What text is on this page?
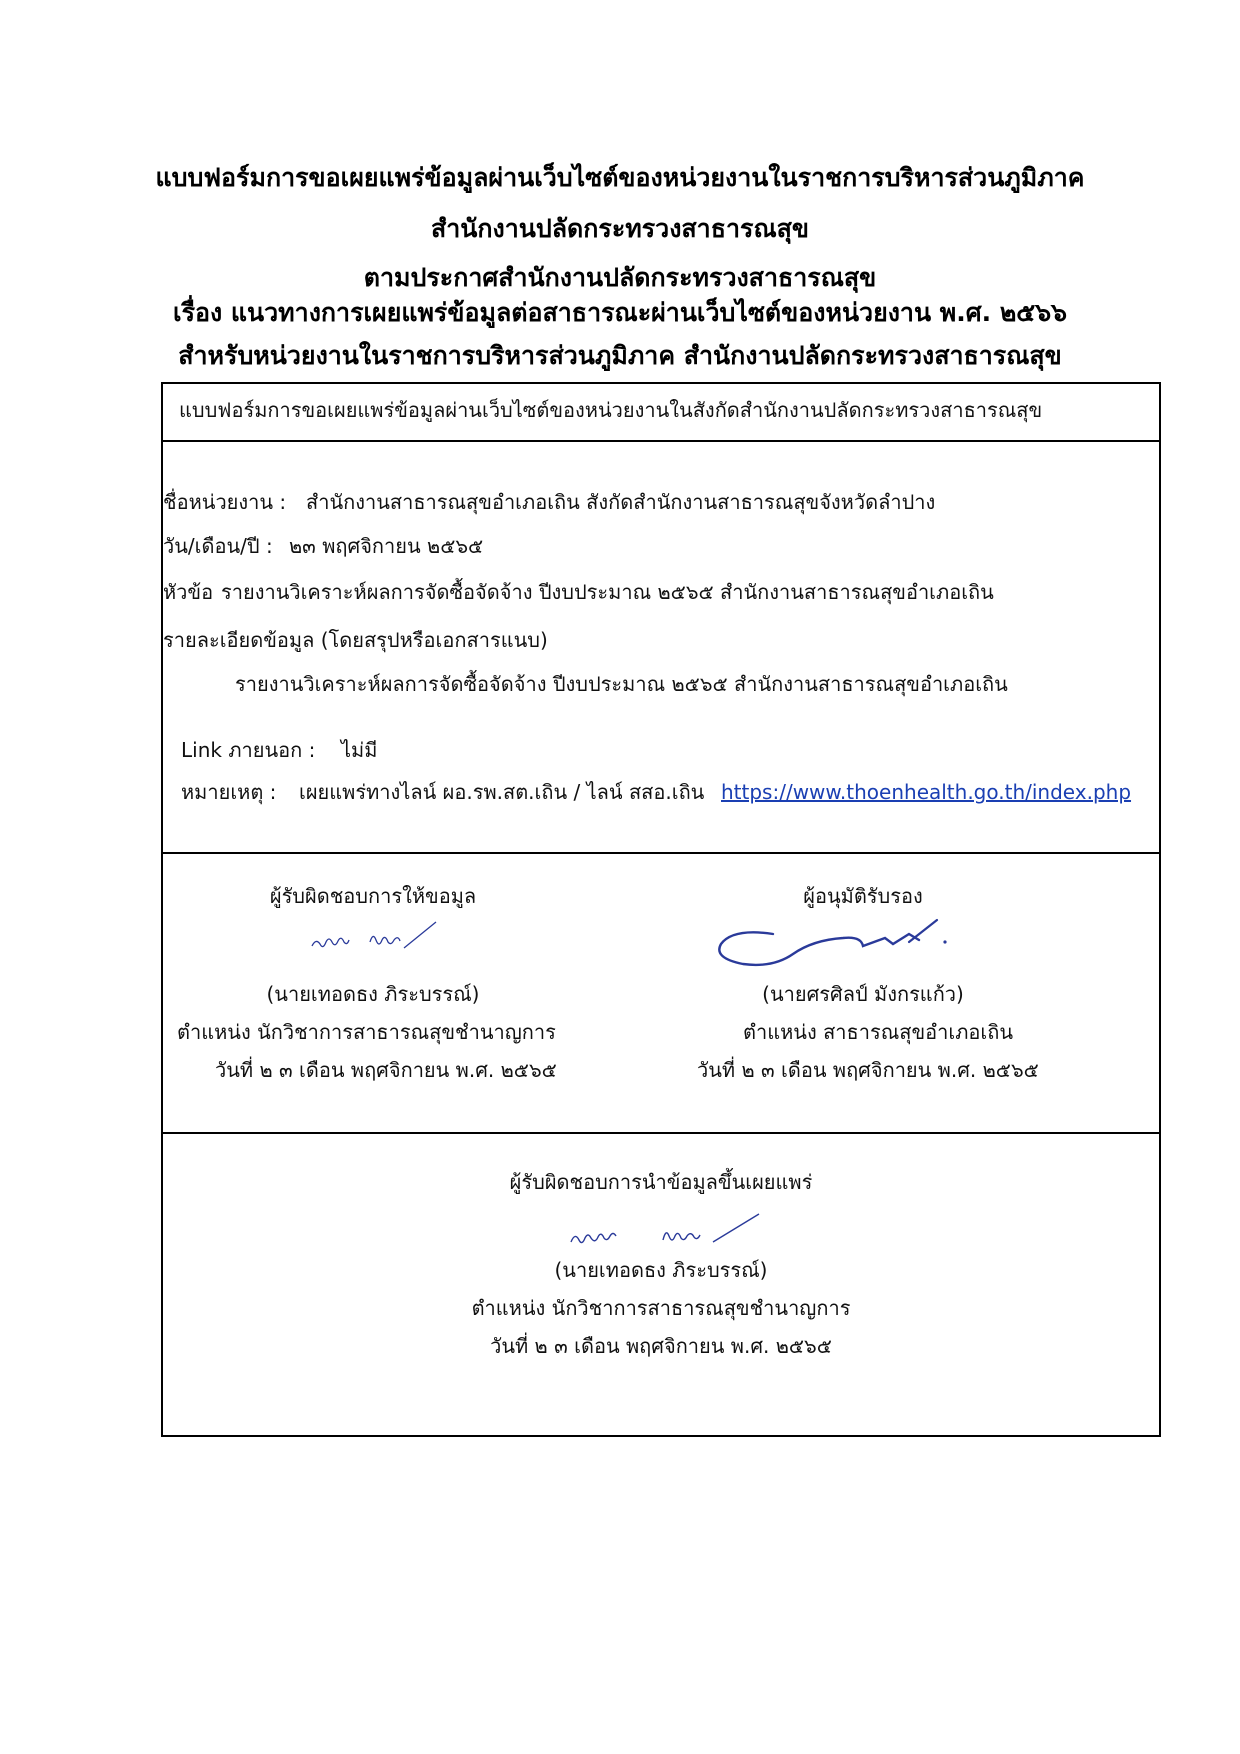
แบบฟอร์มการขอเผยแพร่ข้อมูลผ่านเว็บไซต์ของหน่วยงานในราชการบริหารส่วนภูมิภาค
สำนักงานปลัดกระทรวงสาธารณสุข
ตามประกาศสำนักงานปลัดกระทรวงสาธารณสุข
เรื่อง แนวทางการเผยแพร่ข้อมูลต่อสาธารณะผ่านเว็บไซต์ของหน่วยงาน พ.ศ. ๒๕๖๖
สำหรับหน่วยงานในราชการบริหารส่วนภูมิภาค สำนักงานปลัดกระทรวงสาธารณสุข
แบบฟอร์มการขอเผยแพร่ข้อมูลผ่านเว็บไซต์ของหน่วยงานในสังกัดสำนักงานปลัดกระทรวงสาธารณสุข
ชื่อหน่วยงาน : สำนักงานสาธารณสุขอำเภอเถิน สังกัดสำนักงานสาธารณสุขจังหวัดลำปาง
วัน/เดือน/ปี : ๒๓ พฤศจิกายน ๒๕๖๕
หัวข้อ รายงานวิเคราะห์ผลการจัดซื้อจัดจ้าง ปีงบประมาณ ๒๕๖๕ สำนักงานสาธารณสุขอำเภอเถิน
รายละเอียดข้อมูล (โดยสรุปหรือเอกสารแนบ)
รายงานวิเคราะห์ผลการจัดซื้อจัดจ้าง ปีงบประมาณ ๒๕๖๕ สำนักงานสาธารณสุขอำเภอเถิน
Link ภายนอก : ไม่มี
หมายเหตุ : เผยแพร่ทางไลน์ ผอ.รพ.สต.เถิน / ไลน์ สสอ.เถิน https://www.thoenhealth.go.th/index.php
ผู้รับผิดชอบการให้ขอมูล
(นายเทอดธง ภิระบรรณ์)
ตำแหน่ง นักวิชาการสาธารณสุขชำนาญการ
วันที่ ๒ ๓ เดือน พฤศจิกายน พ.ศ. ๒๕๖๕
ผู้อนุมัติรับรอง
(นายศรศิลป์ มังกรแก้ว)
ตำแหน่ง สาธารณสุขอำเภอเถิน
วันที่ ๒ ๓ เดือน พฤศจิกายน พ.ศ. ๒๕๖๕
ผู้รับผิดชอบการนำข้อมูลขึ้นเผยแพร่
(นายเทอดธง ภิระบรรณ์)
ตำแหน่ง นักวิชาการสาธารณสุขชำนาญการ
วันที่ ๒ ๓ เดือน พฤศจิกายน พ.ศ. ๒๕๖๕
